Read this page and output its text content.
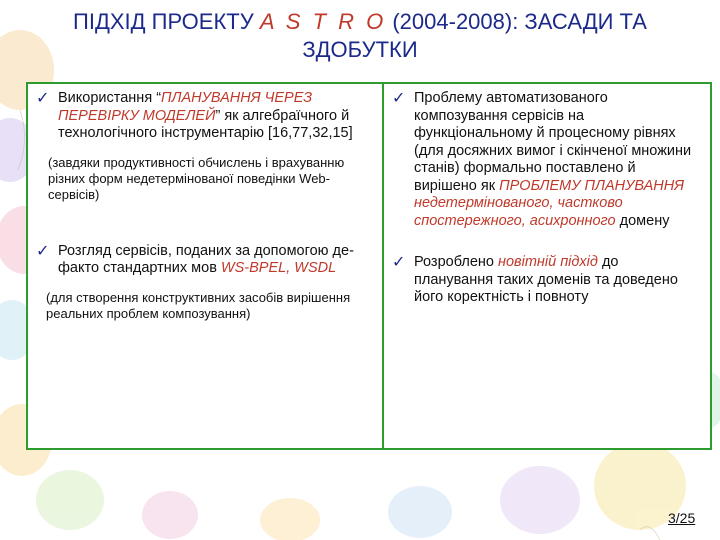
ПІДХІД ПРОЕКТУ A S T R O (2004-2008): ЗАСАДИ ТА
ЗДОБУТКИ
✓ Використання “ПЛАНУВАННЯ ЧЕРЕЗ ПЕРЕВІРКУ МОДЕЛЕЙ” як алгебраїчного й технологічного інструментарію [16,77,32,15]
(завдяки продуктивності обчислень і врахуванню різних форм недетермінованої поведінки Web-сервісів)
✓ Розгляд сервісів, поданих за допомогою де-факто стандартних мов WS-BPEL, WSDL
(для створення конструктивних засобів вирішення реальних проблем композування)
✓ Проблему автоматизованого композування сервісів на функціональному й процесному рівнях (для досяжних вимог і скінченої множини станів) формально поставлено й вирішено як ПРОБЛЕМУ ПЛАНУВАННЯ недетермінованого, частково спостережного, асихронного домену
✓ Розроблено новітній підхід до планування таких доменів та доведено його коректність і повноту
3/25
